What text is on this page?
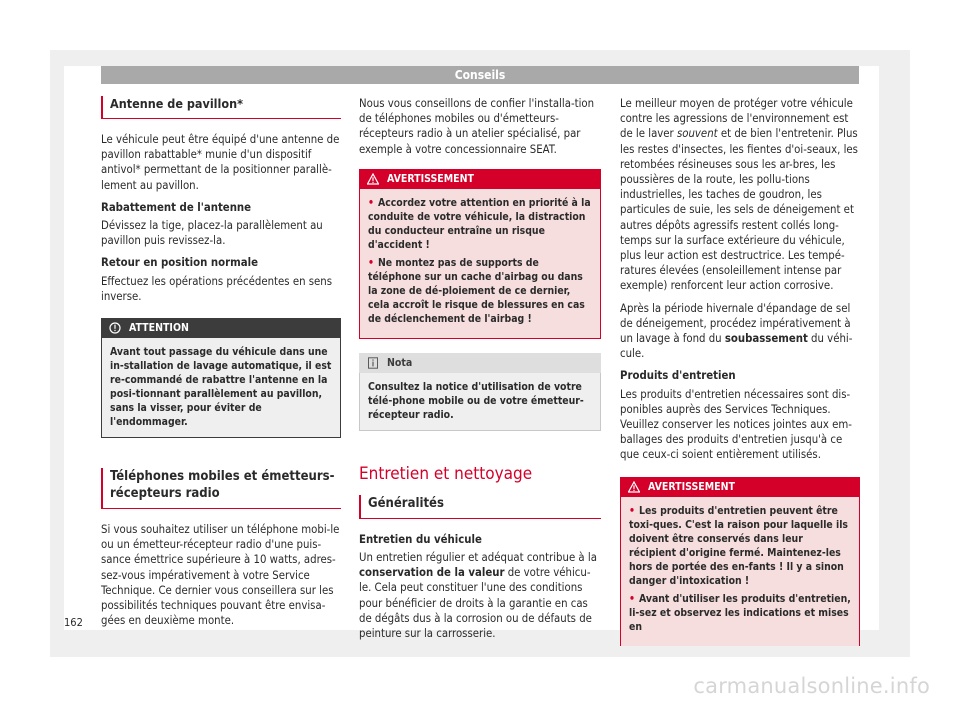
Conseils
Antenne de pavillon*

Le véhicule peut être équipé d'une antenne de pavillon rabattable* munie d'un dispositif antivol* permettant de la positionner parallè-lement au pavillon.

Rabattement de l'antenne

Dévissez la tige, placez-la parallèlement au pavillon puis revissez-la.

Retour en position normale

Effectuez les opérations précédentes en sens inverse.

ATTENTION
Avant tout passage du véhicule dans une in-stallation de lavage automatique, il est re-commandé de rabattre l'antenne en la posi-tionnant parallèlement au pavillon, sans la visser, pour éviter de l'endommager.
Téléphones mobiles et émetteurs-récepteurs radio

Si vous souhaitez utiliser un téléphone mobi-le ou un émetteur-récepteur radio d'une puis-sance émettrice supérieure à 10 watts, adres-sez-vous impérativement à votre Service Technique. Ce dernier vous conseillera sur les possibilités techniques pouvant être envisa-gées en deuxième monte.

Nous vous conseillons de confier l'installa-tion de téléphones mobiles ou d'émetteurs-récepteurs radio à un atelier spécialisé, par exemple à votre concessionnaire SEAT.

AVERTISSEMENT
• Accordez votre attention en priorité à la conduite de votre véhicule, la distraction du conducteur entraîne un risque d'accident !
• Ne montez pas de supports de téléphone sur un cache d'airbag ou dans la zone de dé-ploiement de ce dernier, cela accroît le risque de blessures en cas de déclenchement de l'airbag !
Nota
Consultez la notice d'utilisation de votre télé-phone mobile ou de votre émetteur-récepteur radio.
Entretien et nettoyage
Généralités
Entretien du véhicule

Un entretien régulier et adéquat contribue à la conservation de la valeur de votre véhicu-le. Cela peut constituer l'une des conditions pour bénéficier de droits à la garantie en cas de dégâts dus à la corrosion ou de défauts de peinture sur la carrosserie.

Le meilleur moyen de protéger votre véhicule contre les agressions de l'environnement est de le laver souvent et de bien l'entretenir. Plus les restes d'insectes, les fientes d'oi-seaux, les retombées résineuses sous les ar-bres, les poussières de la route, les pollu-tions industrielles, les taches de goudron, les particules de suie, les sels de déneigement et autres dépôts agressifs restent collés long-temps sur la surface extérieure du véhicule, plus leur action est destructrice. Les tempé-ratures élevées (ensoleillement intense par exemple) renforcent leur action corrosive.

Après la période hivernale d'épandage de sel de déneigement, procédez impérativement à un lavage à fond du soubassement du véhi-cule.

Produits d'entretien

Les produits d'entretien nécessaires sont dis-ponibles auprès des Services Techniques. Veuillez conserver les notices jointes aux em-ballages des produits d'entretien jusqu'à ce que ceux-ci soient entièrement utilisés.

AVERTISSEMENT
• Les produits d'entretien peuvent être toxi-ques. C'est la raison pour laquelle ils doivent être conservés dans leur récipient d'origine fermé. Maintenez-les hors de portée des en-fants ! Il y a sinon danger d'intoxication !
• Avant d'utiliser les produits d'entretien, li-sez et observez les indications et mises en
162
carmanualsonline.info
